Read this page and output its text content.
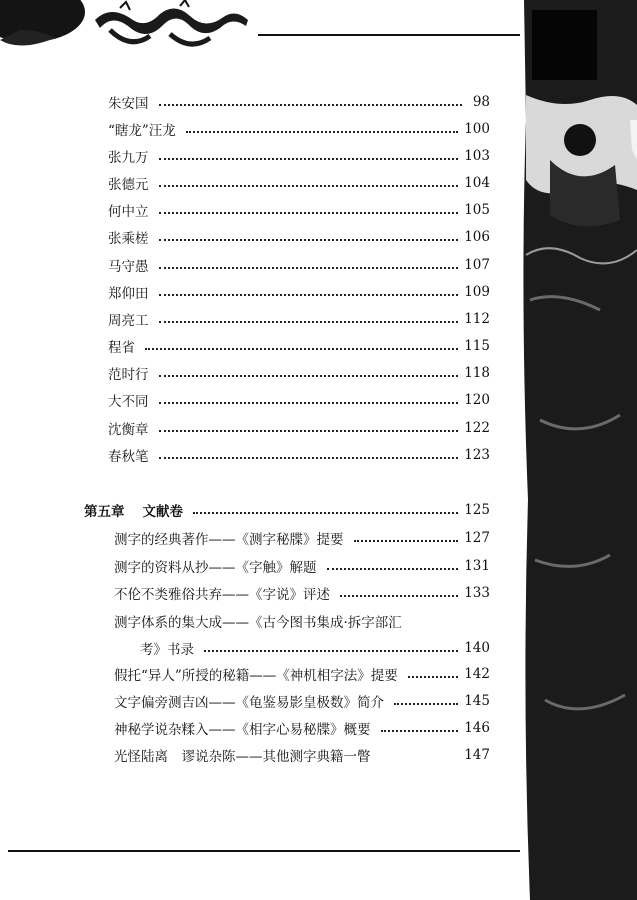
朱安国	98
“瞎龙”汪龙	100
张九万	103
张德元	104
何中立	105
张乘槎	106
马守愚	107
郑仰田	109
周亮工	112
程省	115
范时行	118
大不同	120
沈衡章	122
春秋笔	123
第五章 文献卷	125
测字的经典著作——《测字秘牒》提要	127
测字的资料从抄——《字触》解题	131
不伦不类雅俗共弃——《字说》评述	133
测字体系的集大成——《古今图书集成·拆字部汇
考》书录	140
假托“异人”所授的秘籍——《神机相字法》提要	142
文字偏旁测吉凶——《龟鉴易影皇极数》简介	145
神秘学说杂糅入——《相字心易秘牒》概要	146
光怪陆离　谬说杂陈——其他测字典籍一瞥	147
